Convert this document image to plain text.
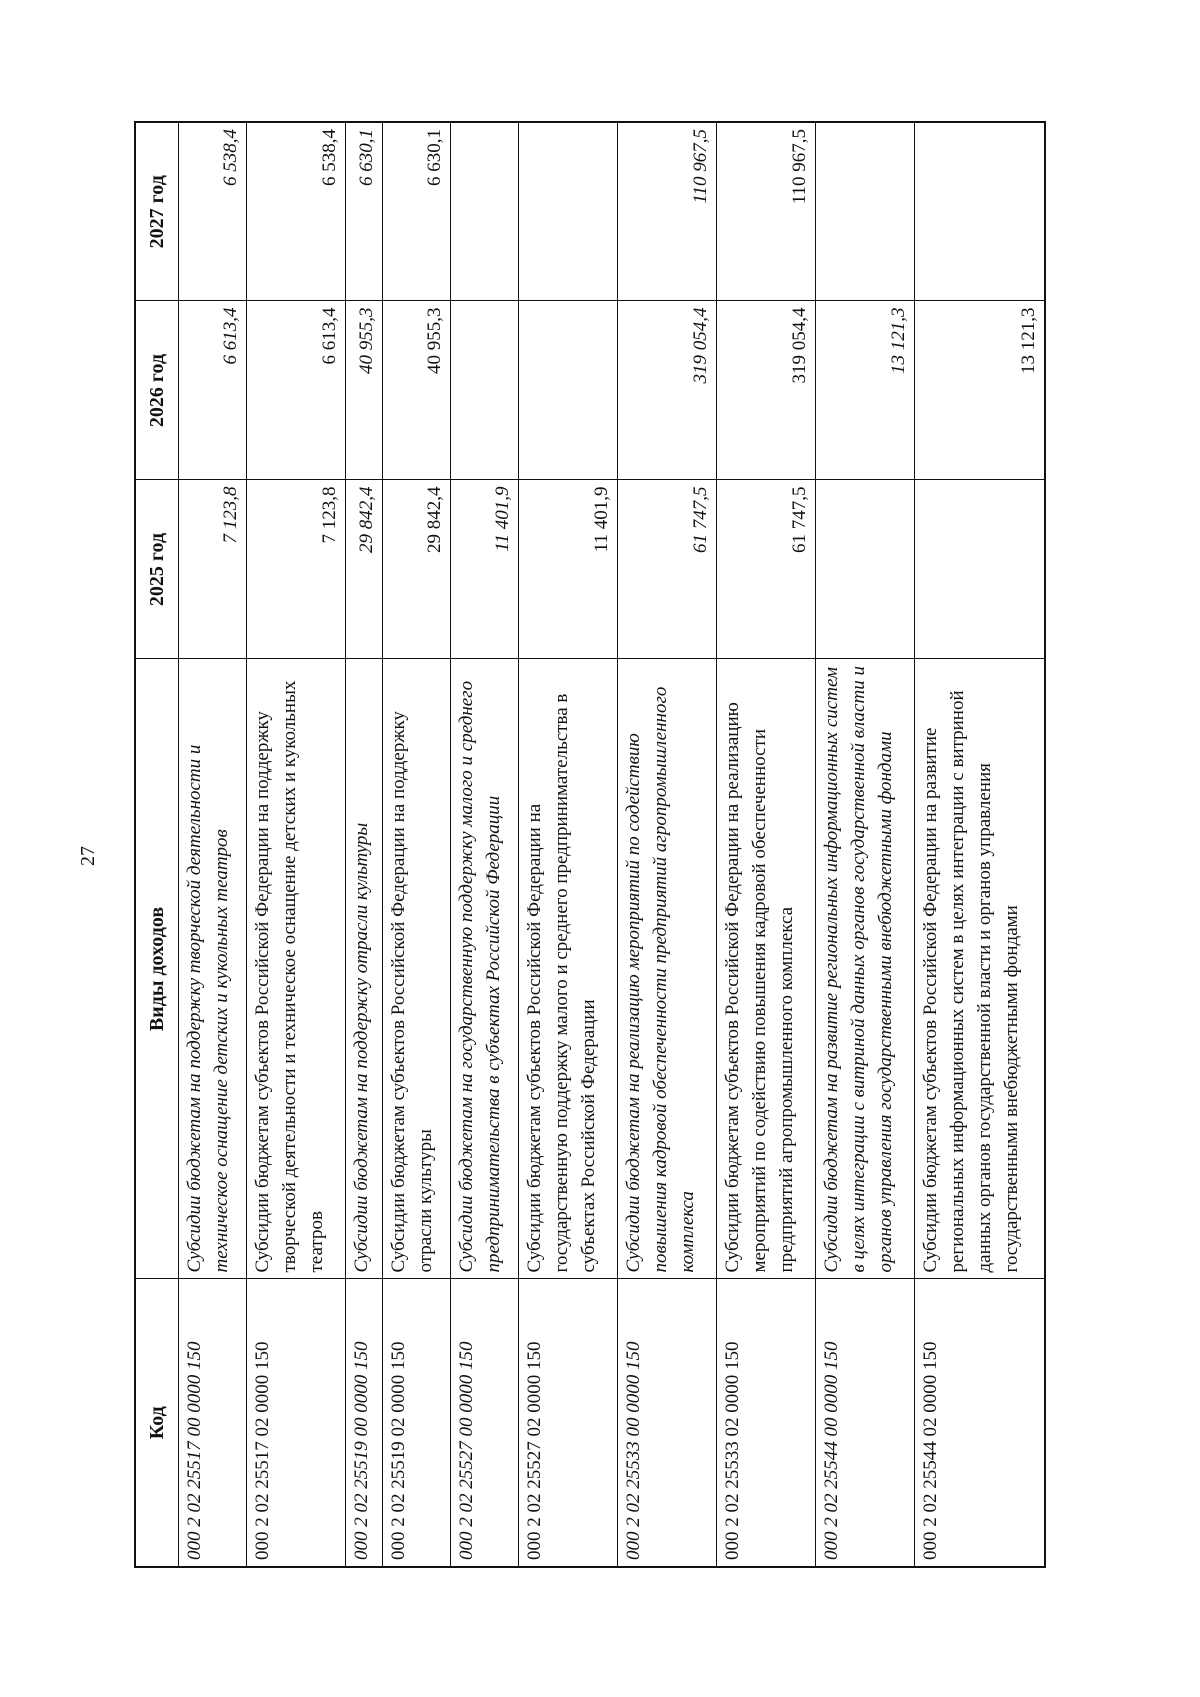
27
Код	Виды доходов	2025 год	2026 год	2027 год
000 2 02 25517 00 0000 150	Субсидии бюджетам на поддержку творческой деятельности и техническое оснащение детских и кукольных театров	7 123,8	6 613,4	6 538,4
000 2 02 25517 02 0000 150	Субсидии бюджетам субъектов Российской Федерации на поддержку творческой деятельности и техническое оснащение детских и кукольных театров	7 123,8	6 613,4	6 538,4
000 2 02 25519 00 0000 150	Субсидии бюджетам на поддержку отрасли культуры	29 842,4	40 955,3	6 630,1
000 2 02 25519 02 0000 150	Субсидии бюджетам субъектов Российской Федерации на поддержку отрасли культуры	29 842,4	40 955,3	6 630,1
000 2 02 25527 00 0000 150	Субсидии бюджетам на государственную поддержку малого и среднего предпринимательства в субъектах Российской Федерации	11 401,9		
000 2 02 25527 02 0000 150	Субсидии бюджетам субъектов Российской Федерации на государственную поддержку малого и среднего предпринимательства в субъектах Российской Федерации	11 401,9		
000 2 02 25533 00 0000 150	Субсидии бюджетам на реализацию мероприятий по содействию повышения кадровой обеспеченности предприятий агропромышленного комплекса	61 747,5	319 054,4	110 967,5
000 2 02 25533 02 0000 150	Субсидии бюджетам субъектов Российской Федерации на реализацию мероприятий по содействию повышения кадровой обеспеченности предприятий агропромышленного комплекса	61 747,5	319 054,4	110 967,5
000 2 02 25544 00 0000 150	Субсидии бюджетам на развитие региональных информационных систем в целях интеграции с витриной данных органов государственной власти и органов управления государственными внебюджетными фондами		13 121,3	
000 2 02 25544 02 0000 150	Субсидии бюджетам субъектов Российской Федерации на развитие региональных информационных систем в целях интеграции с витриной данных органов государственной власти и органов управления государственными внебюджетными фондами		13 121,3	
